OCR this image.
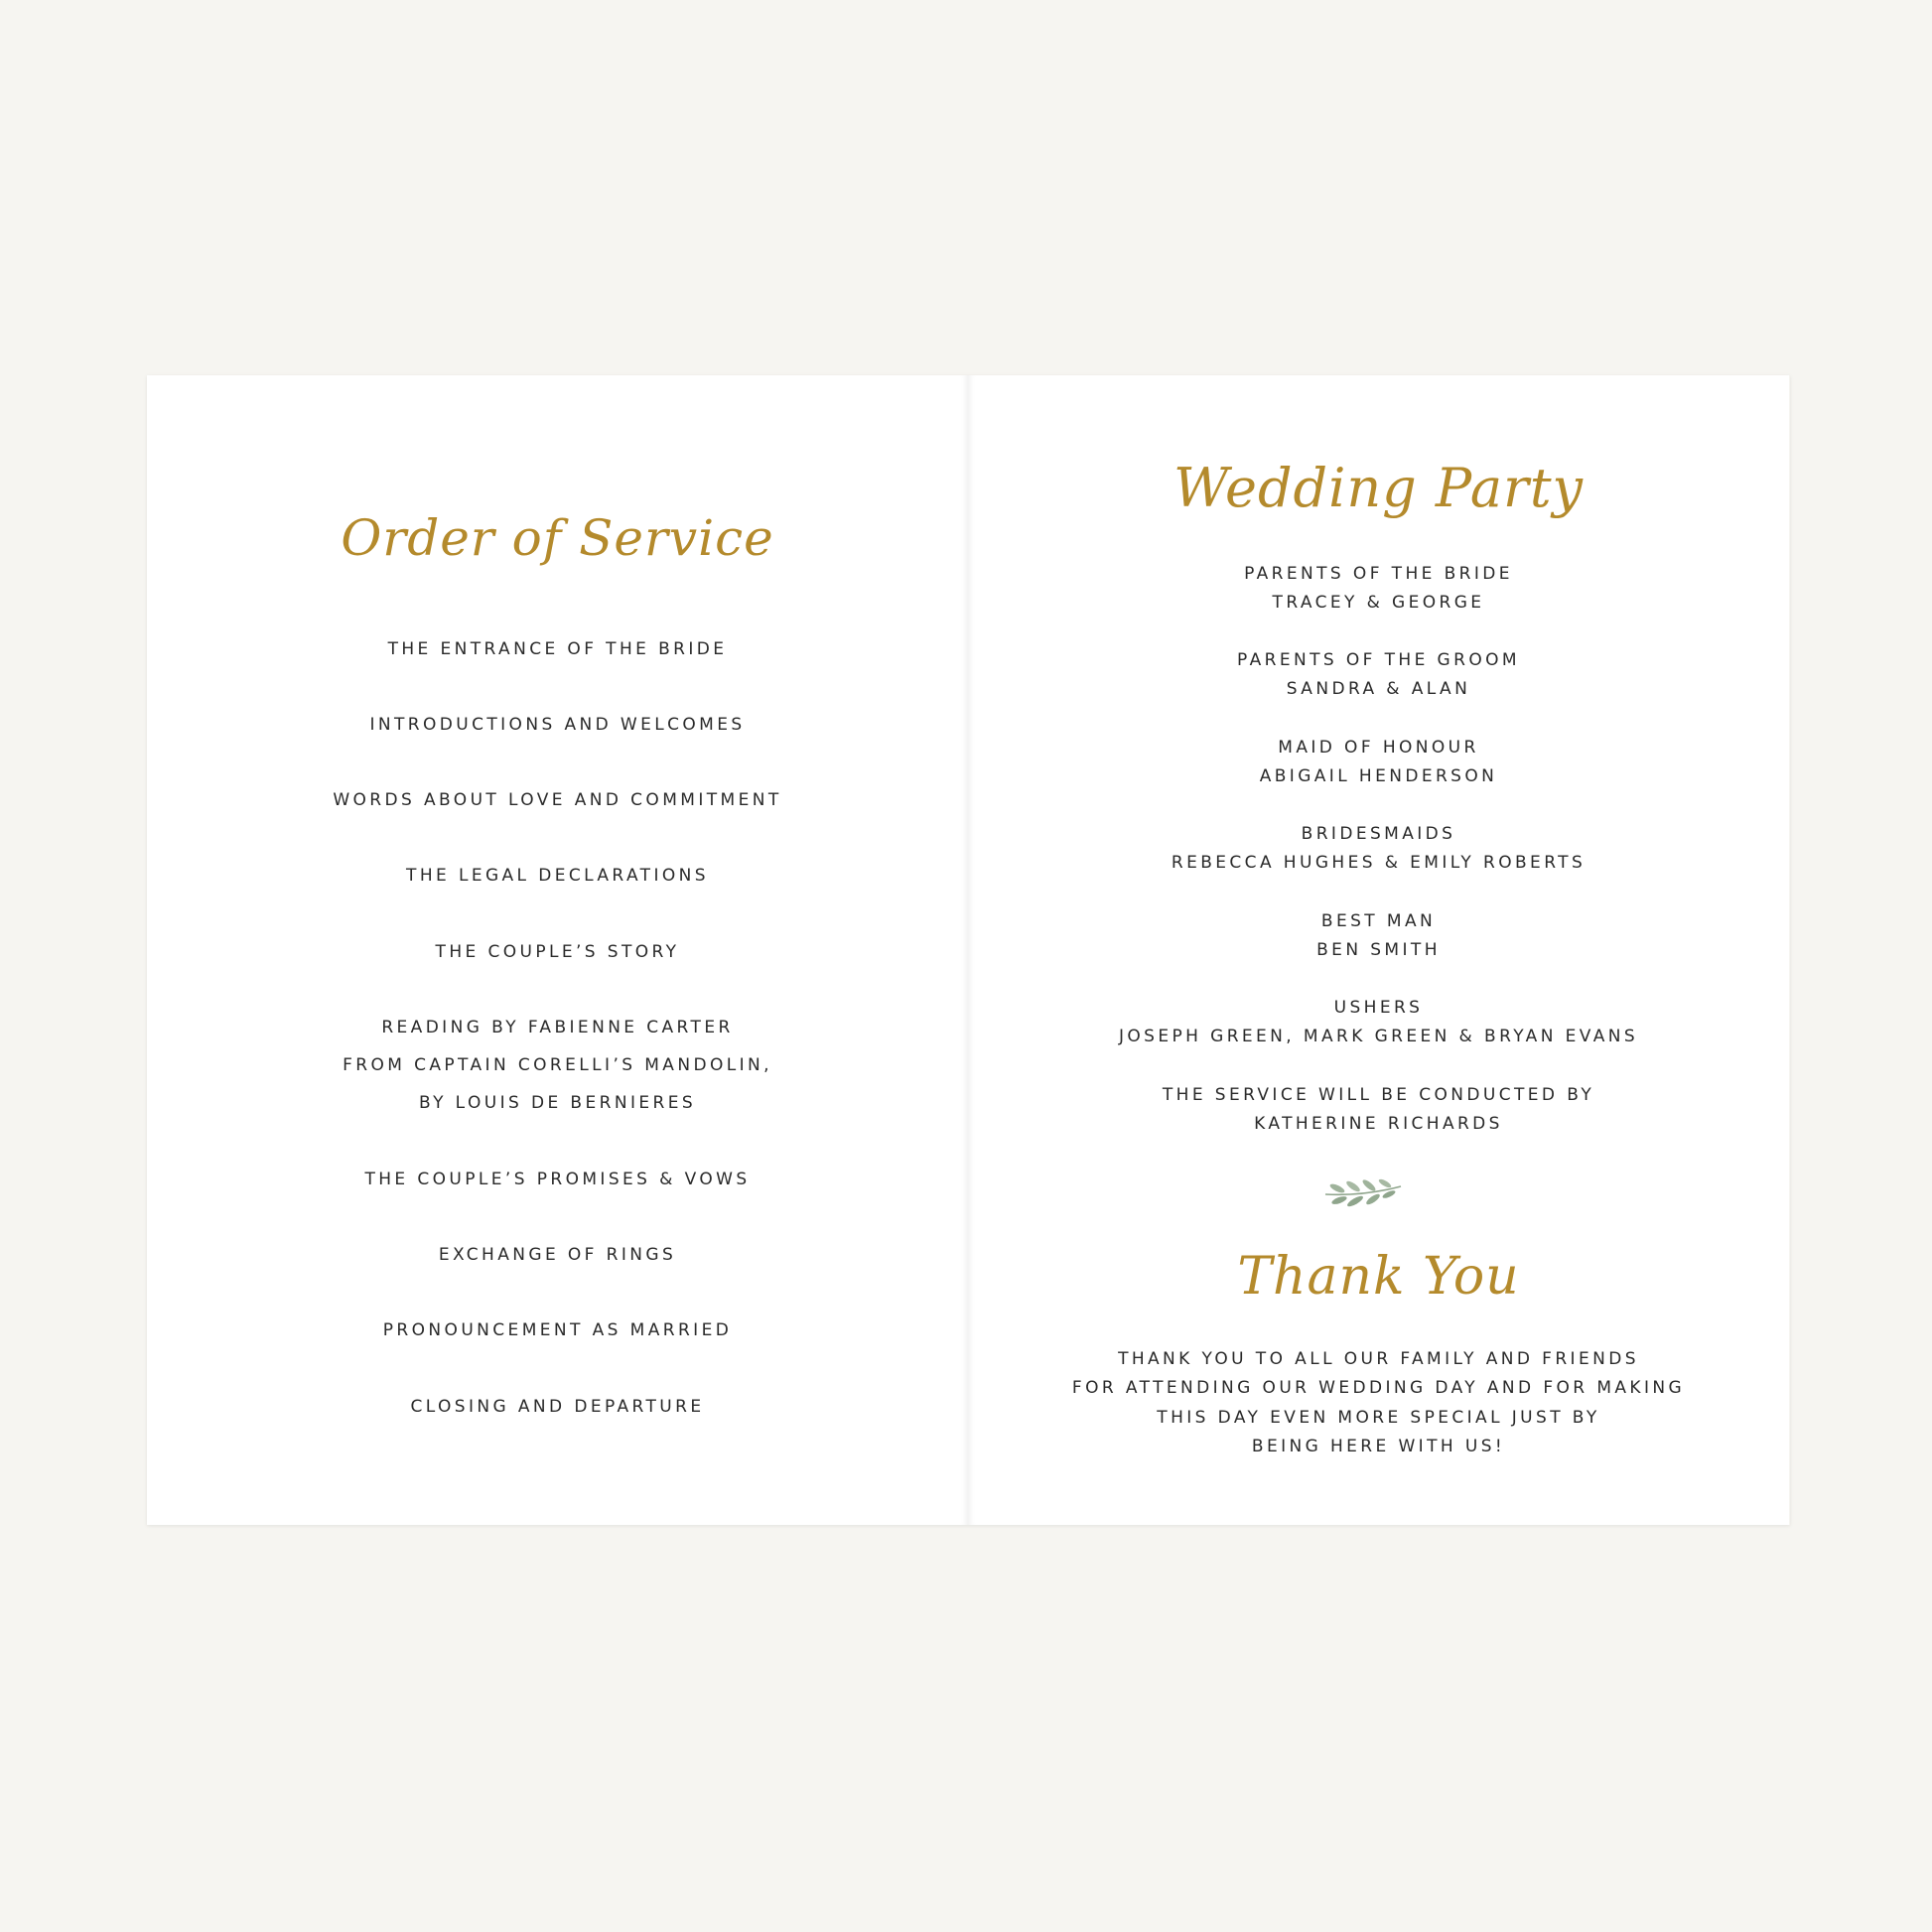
Order of Service
THE ENTRANCE OF THE BRIDE
INTRODUCTIONS AND WELCOMES
WORDS ABOUT LOVE AND COMMITMENT
THE LEGAL DECLARATIONS
THE COUPLE’S STORY
READING BY FABIENNE CARTER
FROM CAPTAIN CORELLI’S MANDOLIN,
BY LOUIS DE BERNIERES
THE COUPLE’S PROMISES & VOWS
EXCHANGE OF RINGS
PRONOUNCEMENT AS MARRIED
CLOSING AND DEPARTURE
Wedding Party
PARENTS OF THE BRIDE
TRACEY & GEORGE
PARENTS OF THE GROOM
SANDRA & ALAN
MAID OF HONOUR
ABIGAIL HENDERSON
BRIDESMAIDS
REBECCA HUGHES & EMILY ROBERTS
BEST MAN
BEN SMITH
USHERS
JOSEPH GREEN, MARK GREEN & BRYAN EVANS
THE SERVICE WILL BE CONDUCTED BY
KATHERINE RICHARDS
Thank You
THANK YOU TO ALL OUR FAMILY AND FRIENDS
FOR ATTENDING OUR WEDDING DAY AND FOR MAKING
THIS DAY EVEN MORE SPECIAL JUST BY
BEING HERE WITH US!
